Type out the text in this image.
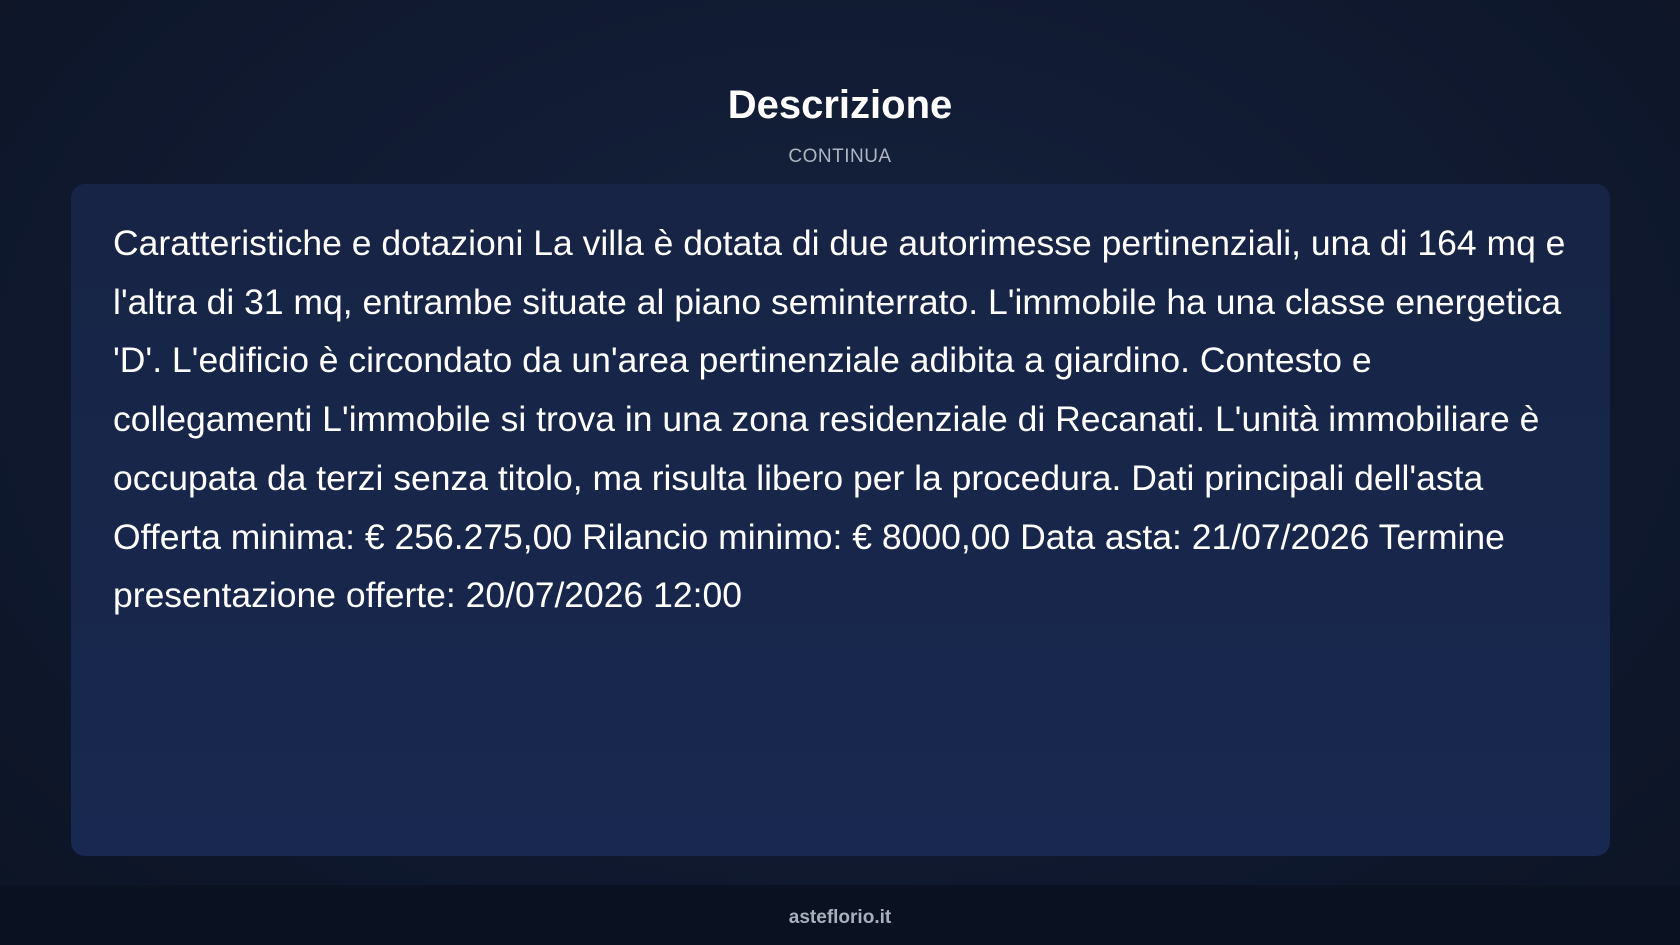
Descrizione
CONTINUA

Caratteristiche e dotazioni La villa è dotata di due autorimesse pertinenziali, una di 164 mq e l'altra di 31 mq, entrambe situate al piano seminterrato. L'immobile ha una classe energetica 'D'. L'edificio è circondato da un'area pertinenziale adibita a giardino. Contesto e collegamenti L'immobile si trova in una zona residenziale di Recanati. L'unità immobiliare è occupata da terzi senza titolo, ma risulta libero per la procedura. Dati principali dell'asta Offerta minima: € 256.275,00 Rilancio minimo: € 8000,00 Data asta: 21/07/2026 Termine presentazione offerte: 20/07/2026 12:00

asteflorio.it
